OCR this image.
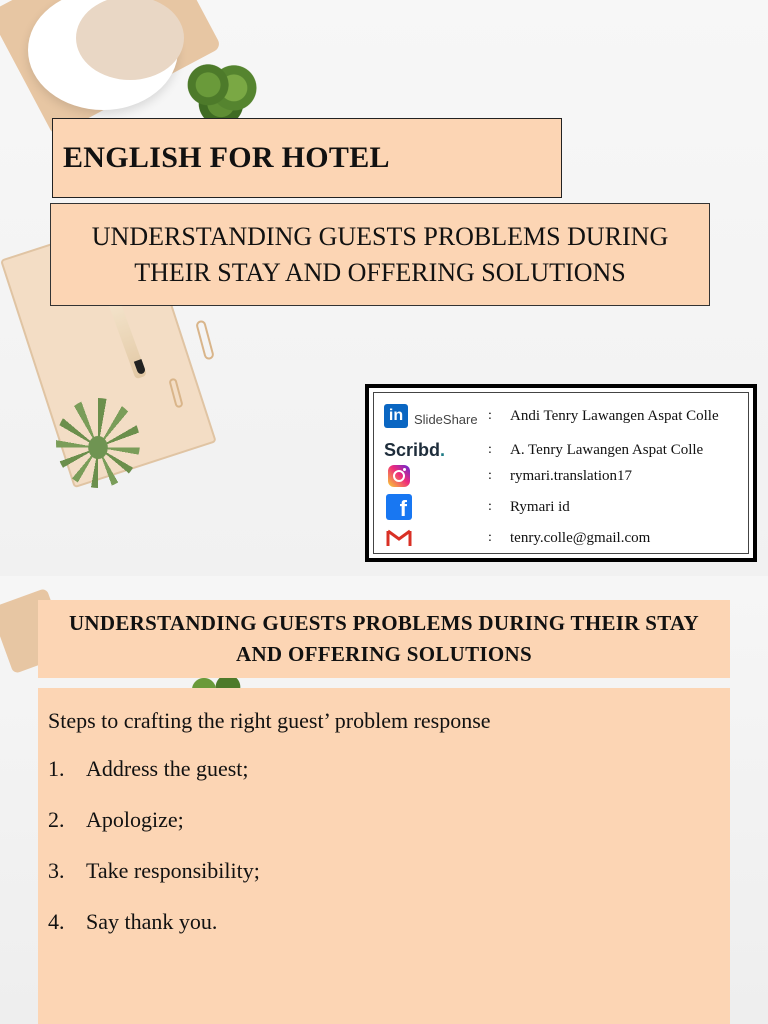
ENGLISH FOR HOTEL
UNDERSTANDING GUESTS PROBLEMS DURING THEIR STAY AND OFFERING SOLUTIONS
in SlideShare : Andi Tenry Lawangen Aspat Colle
Scribd .	: A. Tenry Lawangen Aspat Colle
: rymari.translation17
f	: Rymari id
: tenry.colle@gmail.com
UNDERSTANDING GUESTS PROBLEMS DURING THEIR STAY AND OFFERING SOLUTIONS
Steps to crafting the right guest’ problem response
1. Address the guest;
2. Apologize;
3. Take responsibility;
4. Say thank you.
